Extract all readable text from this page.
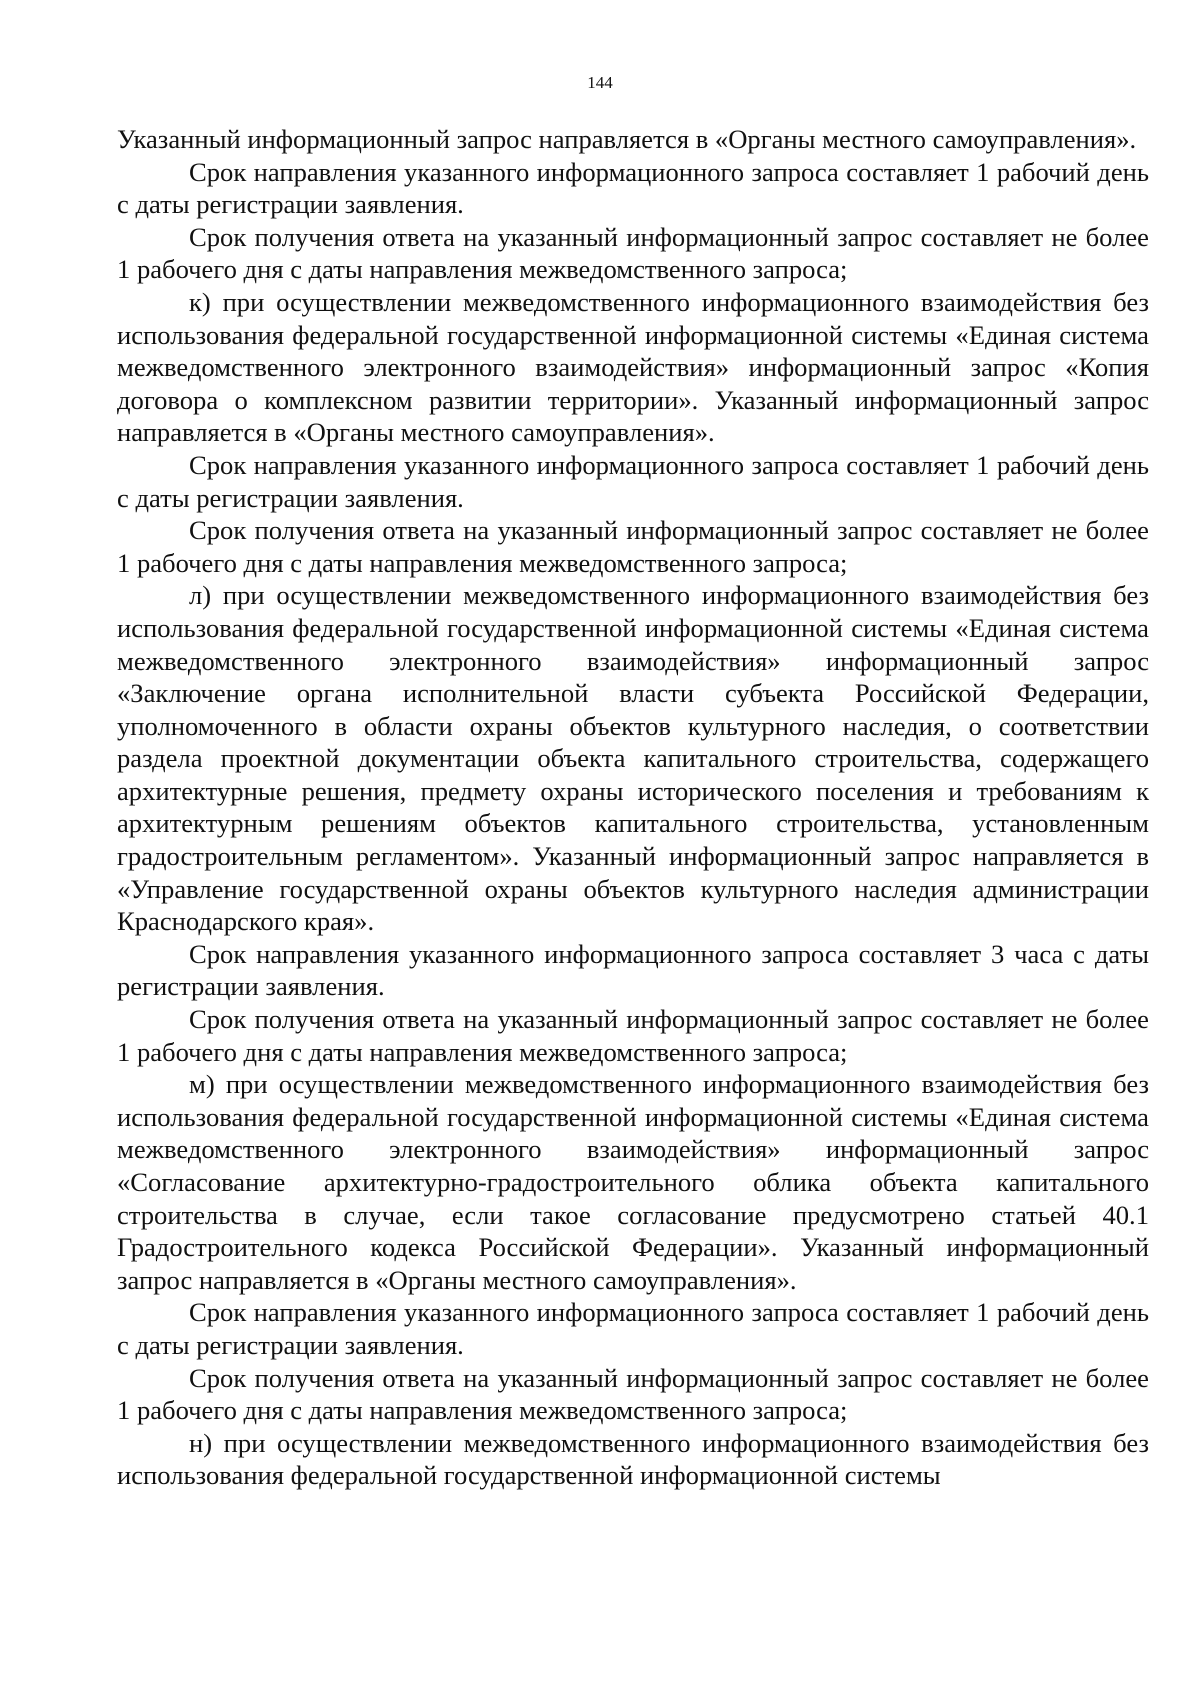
144

Указанный информационный запрос направляется в «Органы местного самоуправления».

Срок направления указанного информационного запроса составляет 1 рабочий день с даты регистрации заявления.

Срок получения ответа на указанный информационный запрос составляет не более 1 рабочего дня с даты направления межведомственного запроса;

к) при осуществлении межведомственного информационного взаимодействия без использования федеральной государственной информационной системы «Единая система межведомственного электронного взаимодействия» информационный запрос «Копия договора о комплексном развитии территории». Указанный информационный запрос направляется в «Органы местного самоуправления».

Срок направления указанного информационного запроса составляет 1 рабочий день с даты регистрации заявления.

Срок получения ответа на указанный информационный запрос составляет не более 1 рабочего дня с даты направления межведомственного запроса;

л) при осуществлении межведомственного информационного взаимодействия без использования федеральной государственной информационной системы «Единая система межведомственного электронного взаимодействия» информационный запрос «Заключение органа исполнительной власти субъекта Российской Федерации, уполномоченного в области охраны объектов культурного наследия, о соответствии раздела проектной документации объекта капитального строительства, содержащего архитектурные решения, предмету охраны исторического поселения и требованиям к архитектурным решениям объектов капитального строительства, установленным градостроительным регламентом». Указанный информационный запрос направляется в «Управление государственной охраны объектов культурного наследия администрации Краснодарского края».

Срок направления указанного информационного запроса составляет 3 часа с даты регистрации заявления.

Срок получения ответа на указанный информационный запрос составляет не более 1 рабочего дня с даты направления межведомственного запроса;

м) при осуществлении межведомственного информационного взаимодействия без использования федеральной государственной информационной системы «Единая система межведомственного электронного взаимодействия» информационный запрос «Согласование архитектурно-градостроительного облика объекта капитального строительства в случае, если такое согласование предусмотрено статьей 40.1 Градостроительного кодекса Российской Федерации». Указанный информационный запрос направляется в «Органы местного самоуправления».

Срок направления указанного информационного запроса составляет 1 рабочий день с даты регистрации заявления.

Срок получения ответа на указанный информационный запрос составляет не более 1 рабочего дня с даты направления межведомственного запроса;

н) при осуществлении межведомственного информационного взаимодействия без использования федеральной государственной информационной системы
